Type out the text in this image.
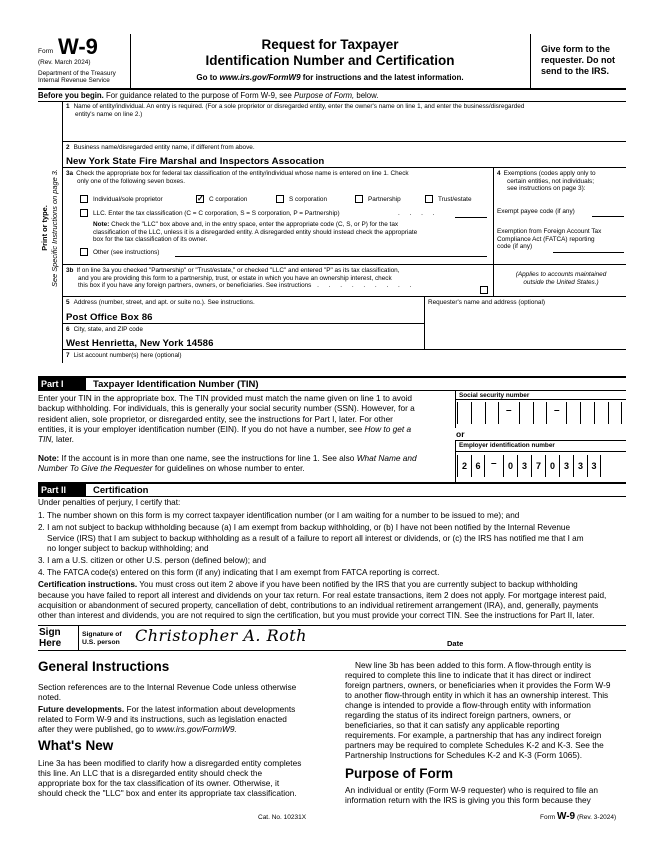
Form W-9
(Rev. March 2024)
Department of the Treasury
Internal Revenue Service
Request for Taxpayer
Identification Number and Certification
Go to www.irs.gov/FormW9 for instructions and the latest information.
Give form to the
requester. Do not
send to the IRS.
Before you begin. For guidance related to the purpose of Form W-9, see Purpose of Form, below.
Print or type. See Specific Instructions on page 3.
1 Name of entity/individual. An entry is required. (For a sole proprietor or disregarded entity, enter the owner's name on line 1, and enter the business/disregarded
entity's name on line 2.)
2 Business name/disregarded entity name, if different from above.
New York State Fire Marshal and Inspectors Assocation
3a Check the appropriate box for federal tax classification of the entity/individual whose name is entered on line 1. Check
only one of the following seven boxes.
Individual/sole proprietor	✓ C corporation	S corporation	Partnership	Trust/estate
LLC. Enter the tax classification (C = C corporation, S = S corporation, P = Partnership)	. . . .
Note: Check the "LLC" box above and, in the entry space, enter the appropriate code (C, S, or P) for the tax
classification of the LLC, unless it is a disregarded entity. A disregarded entity should instead check the appropriate
box for the tax classification of its owner.
Other (see instructions)
4 Exemptions (codes apply only to
certain entities, not individuals;
see instructions on page 3):
Exempt payee code (if any)
Exemption from Foreign Account Tax
Compliance Act (FATCA) reporting
code (if any)
3b If on line 3a you checked "Partnership" or "Trust/estate," or checked "LLC" and entered "P" as its tax classification,
and you are providing this form to a partnership, trust, or estate in which you have an ownership interest, check
this box if you have any foreign partners, owners, or beneficiaries. See instructions . . . . . . . . .
(Applies to accounts maintained
outside the United States.)
5 Address (number, street, and apt. or suite no.). See instructions.
Post Office Box 86
Requester's name and address (optional)
6 City, state, and ZIP code
West Henrietta, New York 14586
7 List account number(s) here (optional)
Part I	Taxpayer Identification Number (TIN)
Enter your TIN in the appropriate box. The TIN provided must match the name given on line 1 to avoid
backup withholding. For individuals, this is generally your social security number (SSN). However, for a
resident alien, sole proprietor, or disregarded entity, see the instructions for Part I, later. For other
entities, it is your employer identification number (EIN). If you do not have a number, see How to get a
TIN, later.
Note: If the account is in more than one name, see the instructions for line 1. See also What Name and
Number To Give the Requester for guidelines on whose number to enter.
Social security number
–	–
or
Employer identification number
2 6	–	0 3 7 0 3 3 3
Part II	Certification
Under penalties of perjury, I certify that:
1. The number shown on this form is my correct taxpayer identification number (or I am waiting for a number to be issued to me); and
2. I am not subject to backup withholding because (a) I am exempt from backup withholding, or (b) I have not been notified by the Internal Revenue
Service (IRS) that I am subject to backup withholding as a result of a failure to report all interest or dividends, or (c) the IRS has notified me that I am
no longer subject to backup withholding; and
3. I am a U.S. citizen or other U.S. person (defined below); and
4. The FATCA code(s) entered on this form (if any) indicating that I am exempt from FATCA reporting is correct.
Certification instructions. You must cross out item 2 above if you have been notified by the IRS that you are currently subject to backup withholding
because you have failed to report all interest and dividends on your tax return. For real estate transactions, item 2 does not apply. For mortgage interest paid,
acquisition or abandonment of secured property, cancellation of debt, contributions to an individual retirement arrangement (IRA), and, generally, payments
other than interest and dividends, you are not required to sign the certification, but you must provide your correct TIN. See the instructions for Part II, later.
Sign
Here
Signature of
U.S. person Christopher A. Roth	Date
General Instructions
Section references are to the Internal Revenue Code unless otherwise
noted.
Future developments. For the latest information about developments
related to Form W-9 and its instructions, such as legislation enacted
after they were published, go to www.irs.gov/FormW9.
What's New
Line 3a has been modified to clarify how a disregarded entity completes
this line. An LLC that is a disregarded entity should check the
appropriate box for the tax classification of its owner. Otherwise, it
should check the "LLC" box and enter its appropriate tax classification.
New line 3b has been added to this form. A flow-through entity is
required to complete this line to indicate that it has direct or indirect
foreign partners, owners, or beneficiaries when it provides the Form W-9
to another flow-through entity in which it has an ownership interest. This
change is intended to provide a flow-through entity with information
regarding the status of its indirect foreign partners, owners, or
beneficiaries, so that it can satisfy any applicable reporting
requirements. For example, a partnership that has any indirect foreign
partners may be required to complete Schedules K-2 and K-3. See the
Partnership Instructions for Schedules K-2 and K-3 (Form 1065).
Purpose of Form
An individual or entity (Form W-9 requester) who is required to file an
information return with the IRS is giving you this form because they
Cat. No. 10231X	Form W-9 (Rev. 3-2024)
